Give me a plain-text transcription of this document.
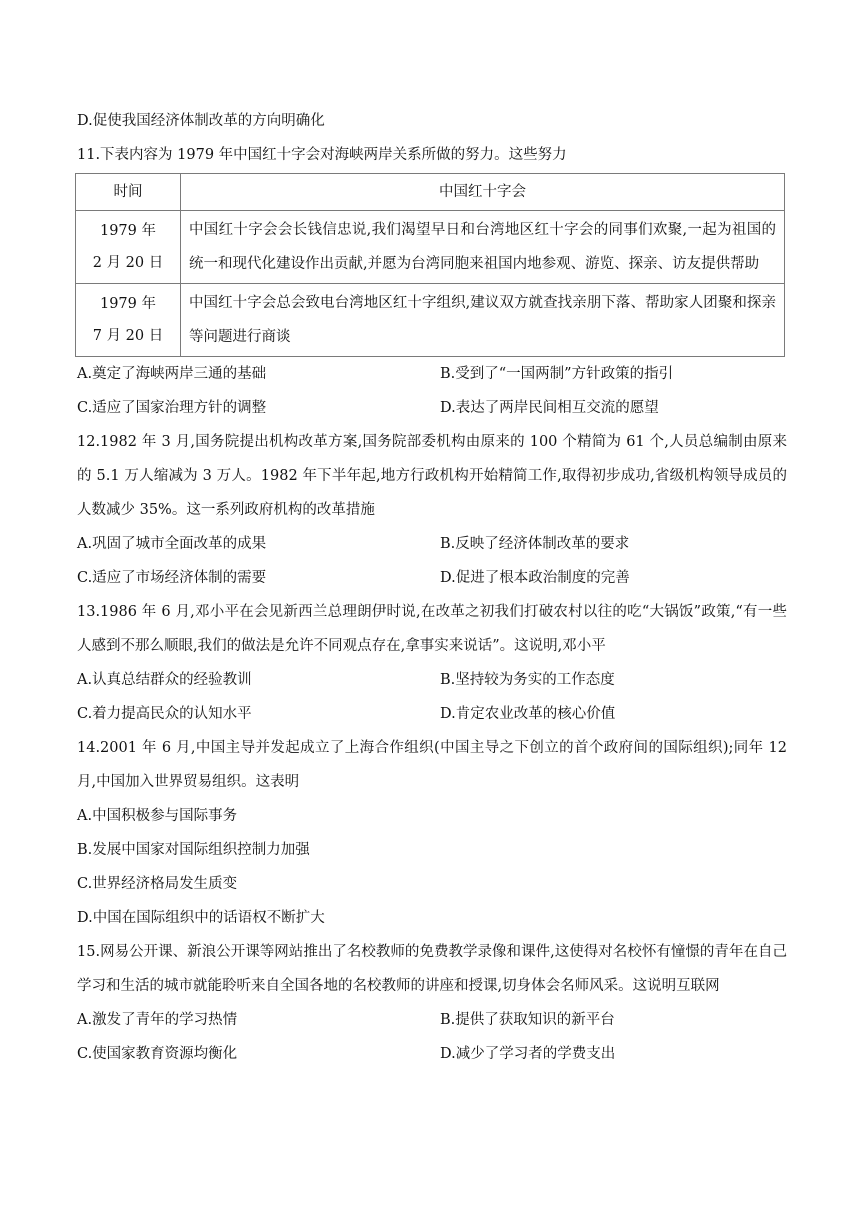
D.促使我国经济体制改革的方向明确化
11.下表内容为 1979 年中国红十字会对海峡两岸关系所做的努力。这些努力
时间	中国红十字会

1979 年
2 月 20 日	中国红十字会会长钱信忠说,我们渴望早日和台湾地区红十字会的同事们欢聚,一起为祖国的统一和现代化建设作出贡献,并愿为台湾同胞来祖国内地参观、游览、探亲、访友提供帮助

1979 年
7 月 20 日	中国红十字会总会致电台湾地区红十字组织,建议双方就查找亲朋下落、帮助家人团聚和探亲等问题进行商谈
A.奠定了海峡两岸三通的基础	B.受到了“一国两制”方针政策的指引
C.适应了国家治理方针的调整	D.表达了两岸民间相互交流的愿望
12.1982 年 3 月,国务院提出机构改革方案,国务院部委机构由原来的 100 个精简为 61 个,人员总编制由原来的 5.1 万人缩减为 3 万人。1982 年下半年起,地方行政机构开始精简工作,取得初步成功,省级机构领导成员的人数减少 35%。这一系列政府机构的改革措施
A.巩固了城市全面改革的成果	B.反映了经济体制改革的要求
C.适应了市场经济体制的需要	D.促进了根本政治制度的完善
13.1986 年 6 月,邓小平在会见新西兰总理朗伊时说,在改革之初我们打破农村以往的吃“大锅饭”政策,“有一些人感到不那么顺眼,我们的做法是允许不同观点存在,拿事实来说话”。这说明,邓小平
A.认真总结群众的经验教训	B.坚持较为务实的工作态度
C.着力提高民众的认知水平	D.肯定农业改革的核心价值
14.2001 年 6 月,中国主导并发起成立了上海合作组织(中国主导之下创立的首个政府间的国际组织);同年 12 月,中国加入世界贸易组织。这表明
A.中国积极参与国际事务
B.发展中国家对国际组织控制力加强
C.世界经济格局发生质变
D.中国在国际组织中的话语权不断扩大
15.网易公开课、新浪公开课等网站推出了名校教师的免费教学录像和课件,这使得对名校怀有憧憬的青年在自己学习和生活的城市就能聆听来自全国各地的名校教师的讲座和授课,切身体会名师风采。这说明互联网
A.激发了青年的学习热情	B.提供了获取知识的新平台
C.使国家教育资源均衡化	D.减少了学习者的学费支出
